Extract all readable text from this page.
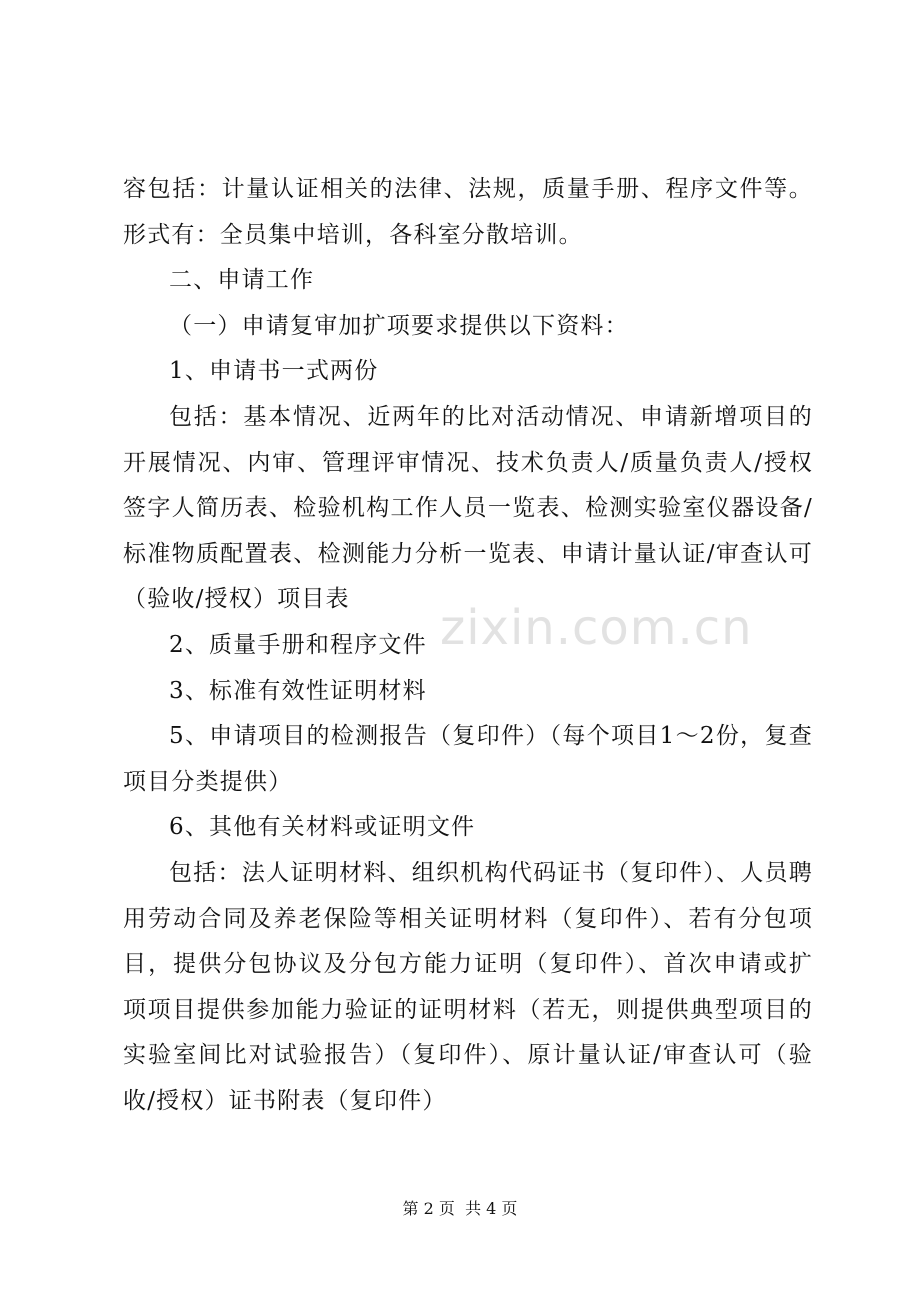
容包括：计量认证相关的法律、法规，质量手册、程序文件等。形式有：全员集中培训，各科室分散培训。

二、申请工作

（一）申请复审加扩项要求提供以下资料：

1、申请书一式两份

包括：基本情况、近两年的比对活动情况、申请新增项目的开展情况、内审、管理评审情况、技术负责人/质量负责人/授权签字人简历表、检验机构工作人员一览表、检测实验室仪器设备/标准物质配置表、检测能力分析一览表、申请计量认证/审查认可（验收/授权）项目表

2、质量手册和程序文件

3、标准有效性证明材料

5、申请项目的检测报告（复印件）（每个项目1～2份，复查项目分类提供）

6、其他有关材料或证明文件

包括：法人证明材料、组织机构代码证书（复印件）、人员聘用劳动合同及养老保险等相关证明材料（复印件）、若有分包项目，提供分包协议及分包方能力证明（复印件）、首次申请或扩项项目提供参加能力验证的证明材料（若无，则提供典型项目的实验室间比对试验报告）（复印件）、原计量认证/审查认可（验收/授权）证书附表（复印件）

zixin.com.cn
第 2 页 共 4 页
